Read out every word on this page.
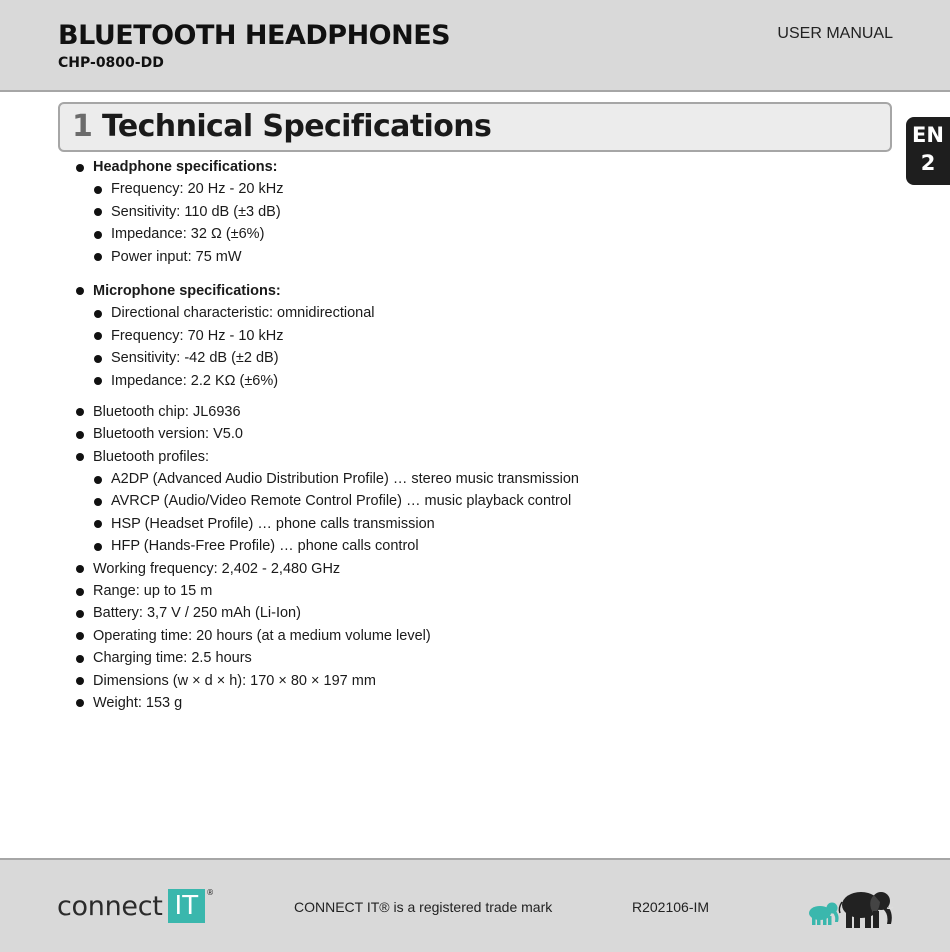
BLUETOOTH HEADPHONES
CHP-0800-DD
USER MANUAL
1 Technical Specifications	EN
2
Headphone specifications:
Frequency: 20 Hz - 20 kHz
Sensitivity: 110 dB (±3 dB)
Impedance: 32 Ω (±6%)
Power input: 75 mW
Microphone specifications:
Directional characteristic: omnidirectional
Frequency: 70 Hz - 10 kHz
Sensitivity: -42 dB (±2 dB)
Impedance: 2.2 KΩ (±6%)
Bluetooth chip: JL6936
Bluetooth version: V5.0
Bluetooth profiles:
A2DP (Advanced Audio Distribution Profile) … stereo music transmission
AVRCP (Audio/Video Remote Control Profile) … music playback control
HSP (Headset Profile) … phone calls transmission
HFP (Hands-Free Profile) … phone calls control
Working frequency: 2,402 - 2,480 GHz
Range: up to 15 m
Battery: 3,7 V / 250 mAh (Li-Ion)
Operating time: 20 hours (at a medium volume level)
Charging time: 2.5 hours
Dimensions (w × d × h): 170 × 80 × 197 mm
Weight: 153 g
connect IT	®
CONNECT IT® is a registered trade mark	R202106-IM
